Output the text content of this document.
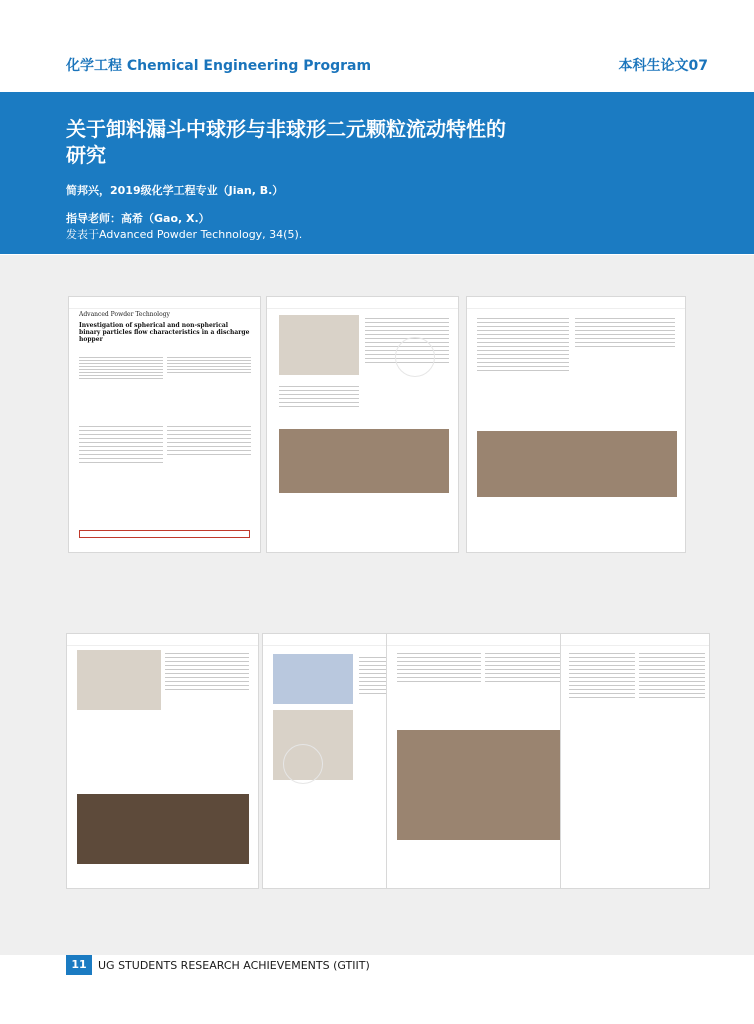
化学工程 Chemical Engineering Program	本科生论文07
关于卸料漏斗中球形与非球形二元颗粒流动特性的研究
简邦兴，2019级化学工程专业（Jian, B.）
指导老师：高希（Gao, X.）
发表于Advanced Powder Technology, 34(5).

Advanced Powder Technology
Investigation of spherical and non-spherical binary particles flow characteristics in a discharge hopper

11	UG STUDENTS RESEARCH ACHIEVEMENTS (GTIIT)
